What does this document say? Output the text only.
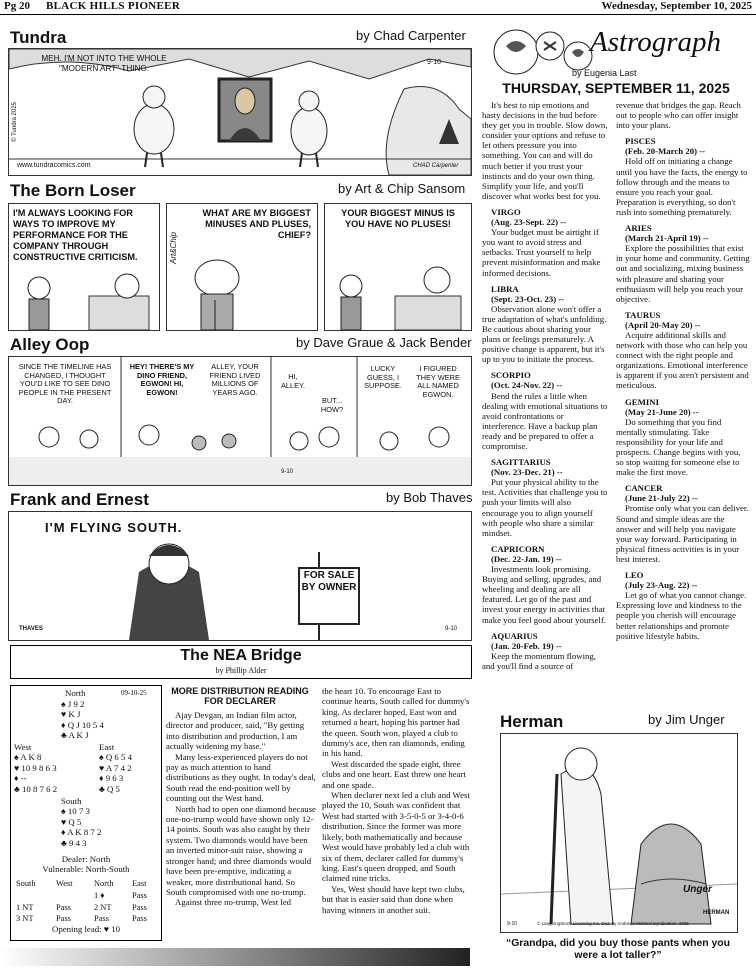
Pg 20 BLACK HILLS PIONEER	Wednesday, September 10, 2025
Tundra	by Chad Carpenter
MEH. I'M NOT INTO THE WHOLE "MODERN ART" THING.
9-10
www.tundracomics.com	CHAD Carpenter
© Tundra 2025
The Born Loser	by Art & Chip Sansom
I'M ALWAYS LOOKING FOR WAYS TO IMPROVE MY PERFORMANCE FOR THE COMPANY THROUGH CONSTRUCTIVE CRITICISM.
WHAT ARE MY BIGGEST MINUSES AND PLUSES, CHIEF?
Art&Chip
YOUR BIGGEST MINUS IS YOU HAVE NO PLUSES!
Alley Oop	by Dave Graue & Jack Bender
SINCE THE TIMELINE HAS CHANGED, I THOUGHT YOU'D LIKE TO SEE DINO PEOPLE IN THE PRESENT DAY.
HEY! THERE'S MY DINO FRIEND, EGWON! HI, EGWON!
ALLEY, YOUR FRIEND LIVED MILLIONS OF YEARS AGO.
HI, ALLEY.
BUT... HOW?
LUCKY GUESS, I SUPPOSE.
I FIGURED THEY WERE ALL NAMED EGWON.
9-10
Frank and Ernest	by Bob Thaves
I'M FLYING SOUTH.
FOR SALE BY OWNER
THAVES	9-10
The NEA Bridge
by Phillip Alder
North	09-10-25
♠ J 9 2
♥ K J
♦ Q J 10 5 4
♣ A K J
West
♠ A K 8
♥ 10 9 8 6 3
♦ --
♣ 10 8 7 6 2
East
♠ Q 6 5 4
♥ A 7 4 2
♦ 9 6 3
♣ Q 5
South
♠ 10 7 3
♥ Q 5
♦ A K 8 7 2
♣ 9 4 3
Dealer: North
Vulnerable: North-South
South	West	North	East
		1 ♦	Pass
1 NT	Pass	2 NT	Pass
3 NT	Pass	Pass	Pass
Opening lead: ♥ 10
MORE DISTRIBUTION READING FOR DECLARER

Ajay Devgan, an Indian film actor, director and producer, said, "By getting into distribution and production, I am actually widening my base."

Many less-experienced players do not pay as much attention to hand distributions as they ought. In today's deal, South read the end-position well by counting out the West hand.

North had to open one diamond because one-no-trump would have shown only 12-14 points. South was also caught by their system. Two diamonds would have been an inverted minor-suit raise, showing a stronger hand; and three diamonds would have been pre-emptive, indicating a weaker, more distributional hand. So South compromised with one no-trump.

Against three no-trump, West led

the heart 10. To encourage East to continue hearts, South called for dummy's king. As declarer hoped, East won and returned a heart, hoping his partner had the queen. South won, played a club to dummy's ace, then ran diamonds, ending in his hand.

West discarded the spade eight, three clubs and one heart. East threw one heart and one spade.

When declarer next led a club and West played the 10, South was confident that West had started with 3-5-0-5 or 3-4-0-6 distribution. Since the former was more likely, both mathematically and because West would have probably led a club with six of them, declarer called for dummy's king. East's queen dropped, and South claimed nine tricks.

Yes, West should have kept two clubs, but that is easier said than done when having winners in another suit.

Astrograph
by Eugenia Last
THURSDAY, SEPTEMBER 11, 2025

It's best to nip emotions and hasty decisions in the bud before they get you in trouble. Slow down, consider your options and refuse to let others pressure you into something. You can and will do much better if you trust your instincts and do your own thing. Simplify your life, and you'll discover what works best for you.

VIRGO

(Aug. 23-Sept. 22) --

Your budget must be airtight if you want to avoid stress and setbacks. Trust yourself to help prevent misinformation and make informed decisions.

LIBRA

(Sept. 23-Oct. 23) --

Observation alone won't offer a true adaptation of what's unfolding. Be cautious about sharing your plans or feelings prematurely. A positive change is apparent, but it's up to you to initiate the process.

SCORPIO

(Oct. 24-Nov. 22) --

Bend the rules a little when dealing with emotional situations to avoid confrontations or interference. Have a backup plan ready and be prepared to offer a compromise.

SAGITTARIUS

(Nov. 23-Dec. 21) --

Put your physical ability to the test. Activities that challenge you to push your limits will also encourage you to align yourself with people who share a similar mindset.

CAPRICORN

(Dec. 22-Jan. 19) --

Investments look promising. Buying and selling, upgrades, and wheeling and dealing are all featured. Let go of the past and invest your energy in activities that make you feel good about yourself.

AQUARIUS

(Jan. 20-Feb. 19) --

Keep the momentum flowing, and you'll find a source of

revenue that bridges the gap. Reach out to people who can offer insight into your plans.

PISCES

(Feb. 20-March 20) --

Hold off on initiating a change until you have the facts, the energy to follow through and the means to ensure you reach your goal. Preparation is everything, so don't rush into something prematurely.

ARIES

(March 21-April 19) --

Explore the possibilities that exist in your home and community. Getting out and socializing, mixing business with pleasure and sharing your enthusiasm will help you reach your objective.

TAURUS

(April 20-May 20) --

Acquire additional skills and network with those who can help you connect with the right people and organizations. Emotional interference is apparent if you aren't persistent and meticulous.

GEMINI

(May 21-June 20) --

Do something that you find mentally stimulating. Take responsibility for your life and prospects. Change begins with you, so stop waiting for someone else to make the first move.

CANCER

(June 21-July 22) --

Promise only what you can deliver. Sound and simple ideas are the answer and will help you navigate your way forward. Participating in physical fitness activities is in your best interest.

LEO

(July 23-Aug. 22) --

Let go of what you cannot change. Expressing love and kindness to the people you cherish will encourage better relationships and promote positive lifestyle habits.

Herman	by Jim Unger
Unger
HERMAN
9-10	© LaughingStock Licensing Inc. Dist. by Andrews McMeel Syndication, 2025
“Grandpa, did you buy those pants when you were a lot taller?”
